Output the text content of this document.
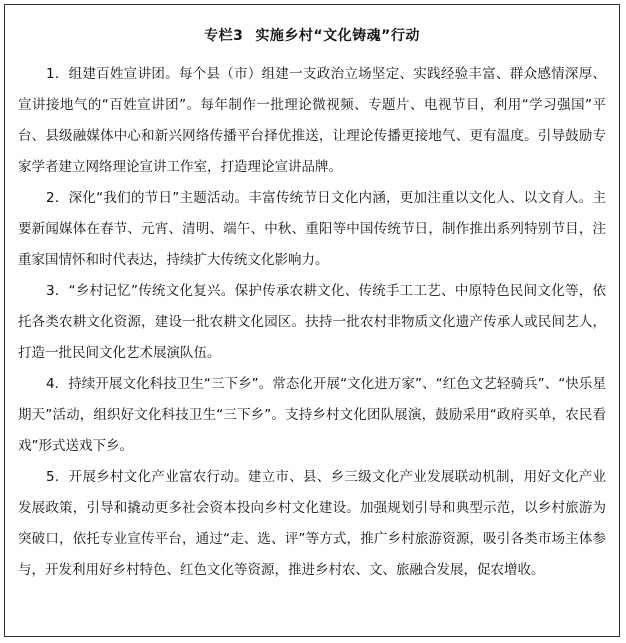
专栏3 实施乡村“文化铸魂”行动

1．组建百姓宣讲团。每个县（市）组建一支政治立场坚定、实践经验丰富、群众感情深厚、宣讲接地气的“百姓宣讲团”。每年制作一批理论微视频、专题片、电视节目，利用“学习强国”平台、县级融媒体中心和新兴网络传播平台择优推送，让理论传播更接地气、更有温度。引导鼓励专家学者建立网络理论宣讲工作室，打造理论宣讲品牌。

2．深化“我们的节日”主题活动。丰富传统节日文化内涵，更加注重以文化人、以文育人。主要新闻媒体在春节、元宵、清明、端午、中秋、重阳等中国传统节日，制作推出系列特别节目，注重家国情怀和时代表达，持续扩大传统文化影响力。

3．“乡村记忆”传统文化复兴。保护传承农耕文化、传统手工工艺、中原特色民间文化等，依托各类农耕文化资源，建设一批农耕文化园区。扶持一批农村非物质文化遗产传承人或民间艺人，打造一批民间文化艺术展演队伍。

4．持续开展文化科技卫生“三下乡”。常态化开展“文化进万家”、“红色文艺轻骑兵”、“快乐星期天”活动，组织好文化科技卫生“三下乡”。支持乡村文化团队展演，鼓励采用“政府买单，农民看戏”形式送戏下乡。

5．开展乡村文化产业富农行动。建立市、县、乡三级文化产业发展联动机制，用好文化产业发展政策，引导和撬动更多社会资本投向乡村文化建设。加强规划引导和典型示范，以乡村旅游为突破口，依托专业宣传平台，通过“走、选、评”等方式，推广乡村旅游资源，吸引各类市场主体参与，开发利用好乡村特色、红色文化等资源，推进乡村农、文、旅融合发展，促农增收。
